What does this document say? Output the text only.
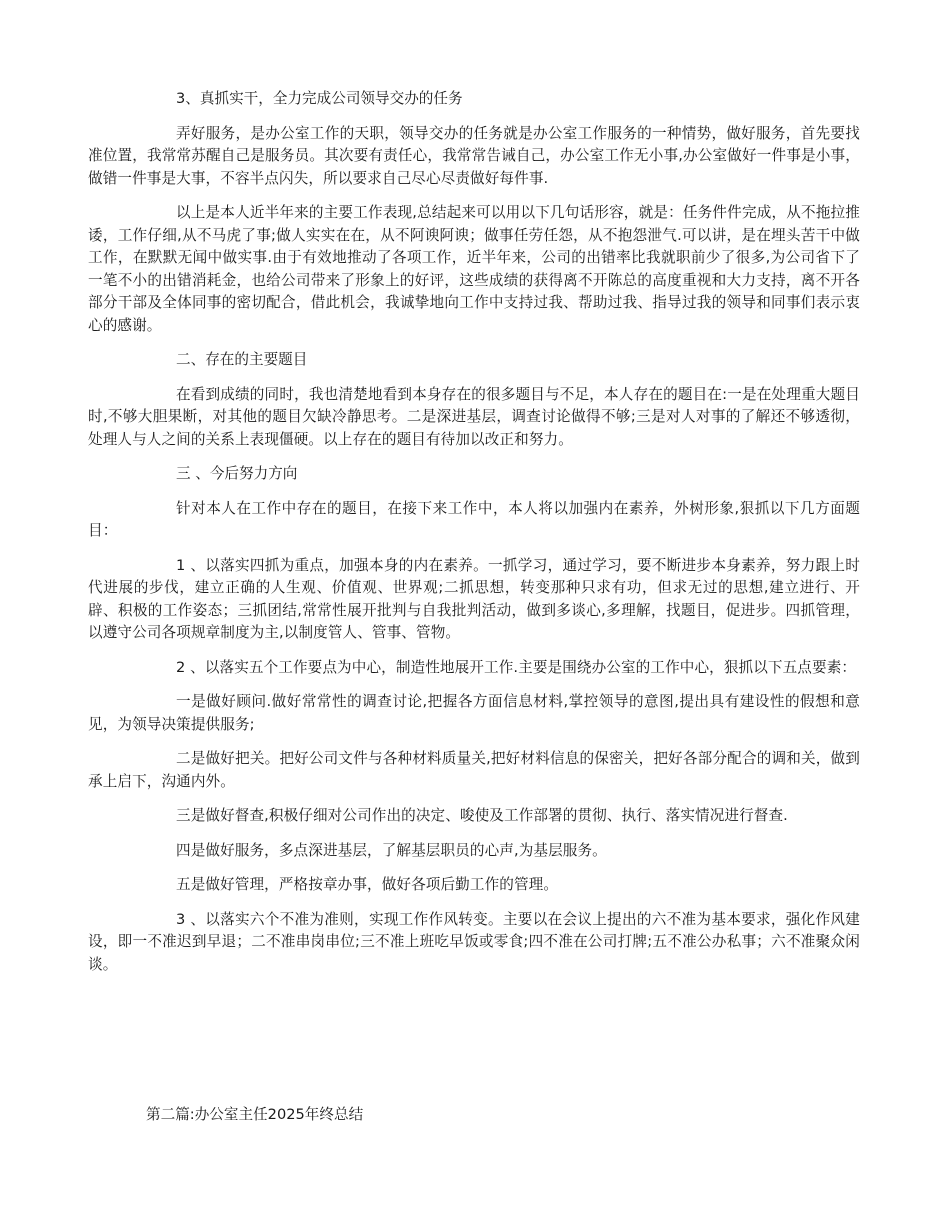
3、真抓实干，全力完成公司领导交办的任务

弄好服务，是办公室工作的天职，领导交办的任务就是办公室工作服务的一种情势，做好服务，首先要找准位置，我常常苏醒自己是服务员。其次要有责任心，我常常告诫自己，办公室工作无小事,办公室做好一件事是小事，做错一件事是大事，不容半点闪失，所以要求自己尽心尽责做好每件事.

以上是本人近半年来的主要工作表现,总结起来可以用以下几句话形容，就是：任务件件完成，从不拖拉推诿，工作仔细,从不马虎了事;做人实实在在，从不阿谀阿谀；做事任劳任怨，从不抱怨泄气.可以讲，是在埋头苦干中做工作，在默默无闻中做实事.由于有效地推动了各项工作，近半年来，公司的出错率比我就职前少了很多,为公司省下了一笔不小的出错消耗金，也给公司带来了形象上的好评，这些成绩的获得离不开陈总的高度重视和大力支持，离不开各部分干部及全体同事的密切配合，借此机会，我诚挚地向工作中支持过我、帮助过我、指导过我的领导和同事们表示衷心的感谢。

二、存在的主要题目

在看到成绩的同时，我也清楚地看到本身存在的很多题目与不足，本人存在的题目在:一是在处理重大题目时,不够大胆果断，对其他的题目欠缺冷静思考。二是深进基层，调查讨论做得不够;三是对人对事的了解还不够透彻，处理人与人之间的关系上表现僵硬。以上存在的题目有待加以改正和努力。

三 、今后努力方向

针对本人在工作中存在的题目，在接下来工作中，本人将以加强内在素养，外树形象,狠抓以下几方面题目：

1 、以落实四抓为重点，加强本身的内在素养。一抓学习，通过学习，要不断进步本身素养，努力跟上时代进展的步伐，建立正确的人生观、价值观、世界观;二抓思想，转变那种只求有功，但求无过的思想,建立进行、开辟、积极的工作姿态；三抓团结,常常性展开批判与自我批判活动，做到多谈心,多理解，找题目，促进步。四抓管理，以遵守公司各项规章制度为主,以制度管人、管事、管物。

2 、以落实五个工作要点为中心，制造性地展开工作.主要是围绕办公室的工作中心，狠抓以下五点要素：

一是做好顾问.做好常常性的调查讨论,把握各方面信息材料,掌控领导的意图,提出具有建设性的假想和意见，为领导决策提供服务;

二是做好把关。把好公司文件与各种材料质量关,把好材料信息的保密关，把好各部分配合的调和关，做到承上启下，沟通内外。

三是做好督查,积极仔细对公司作出的决定、唆使及工作部署的贯彻、执行、落实情况进行督查.

四是做好服务，多点深进基层，了解基层职员的心声,为基层服务。

五是做好管理，严格按章办事，做好各项后勤工作的管理。

3 、以落实六个不准为准则，实现工作作风转变。主要以在会议上提出的六不准为基本要求，强化作风建设，即一不准迟到早退；二不准串岗串位;三不准上班吃早饭或零食;四不准在公司打牌;五不准公办私事；六不准聚众闲谈。

第二篇:办公室主任2025年终总结
